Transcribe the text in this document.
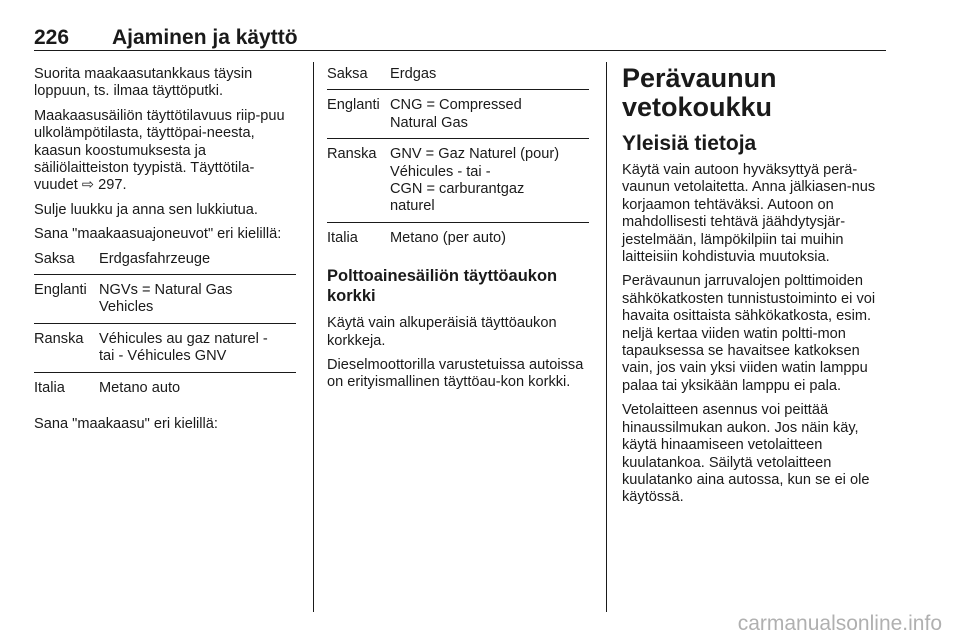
226 Ajaminen ja käyttö

Suorita maakaasutankkaus täysin loppuun, ts. ilmaa täyttöputki.

Maakaasusäiliön täyttötilavuus riip-puu ulkolämpötilasta, täyttöpai-neesta, kaasun koostumuksesta ja säiliölaitteiston tyypistä. Täyttötila-vuudet ⇨ 297.

Sulje luukku ja anna sen lukkiutua.

Sana "maakaasuajoneuvot" eri kielillä:

Saksa	Erdgasfahrzeuge
Englanti NGVs = Natural Gas
Vehicles
Ranska	Véhicules au gaz naturel -
tai - Véhicules GNV
Italia	Metano auto

Sana "maakaasu" eri kielillä:

Saksa	Erdgas
Englanti CNG = Compressed
Natural Gas
Ranska GNV = Gaz Naturel (pour)
Véhicules - tai -
CGN = carburantgaz
naturel
Italia	Metano (per auto)
Polttoainesäiliön täyttöaukon korkki

Käytä vain alkuperäisiä täyttöaukon korkkeja.

Dieselmoottorilla varustetuissa autoissa on erityismallinen täyttöau-kon korkki.

Perävaunun vetokoukku
Yleisiä tietoja

Käytä vain autoon hyväksyttyä perä-vaunun vetolaitetta. Anna jälkiasen-nus korjaamon tehtäväksi. Autoon on mahdollisesti tehtävä jäähdytysjär-jestelmään, lämpökilpiin tai muihin laitteisiin kohdistuvia muutoksia.

Perävaunun jarruvalojen polttimoiden sähkökatkosten tunnistustoiminto ei voi havaita osittaista sähkökatkosta, esim. neljä kertaa viiden watin poltti-mon tapauksessa se havaitsee katkoksen vain, jos vain yksi viiden watin lamppu palaa tai yksikään lamppu ei pala.

Vetolaitteen asennus voi peittää hinaussilmukan aukon. Jos näin käy, käytä hinaamiseen vetolaitteen kuulatankoa. Säilytä vetolaitteen kuulatanko aina autossa, kun se ei ole käytössä.

carmanualsonline.info
